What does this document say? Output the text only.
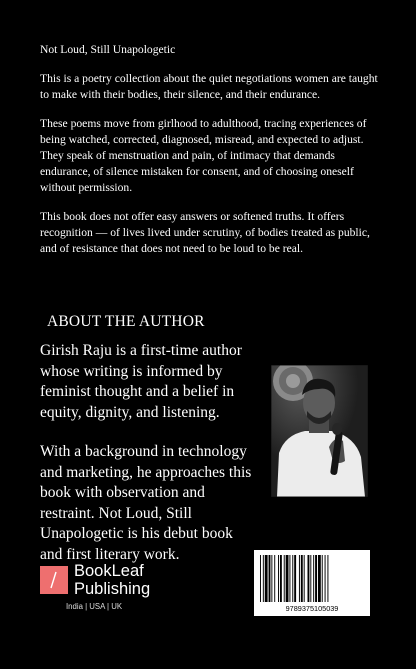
Not Loud, Still Unapologetic

This is a poetry collection about the quiet negotiations women are taught to make with their bodies, their silence, and their endurance.

These poems move from girlhood to adulthood, tracing experiences of being watched, corrected, diagnosed, misread, and expected to adjust. They speak of menstruation and pain, of intimacy that demands endurance, of silence mistaken for consent, and of choosing oneself without permission.

This book does not offer easy answers or softened truths. It offers recognition — of lives lived under scrutiny, of bodies treated as public, and of resistance that does not need to be loud to be real.

ABOUT THE AUTHOR

Girish Raju is a first-time author whose writing is informed by feminist thought and a belief in equity, dignity, and listening.

With a background in technology and marketing, he approaches this book with observation and restraint. Not Loud, Still Unapologetic is his debut book and first literary work.

BookLeaf
Publishing
India | USA | UK	9789375105039
